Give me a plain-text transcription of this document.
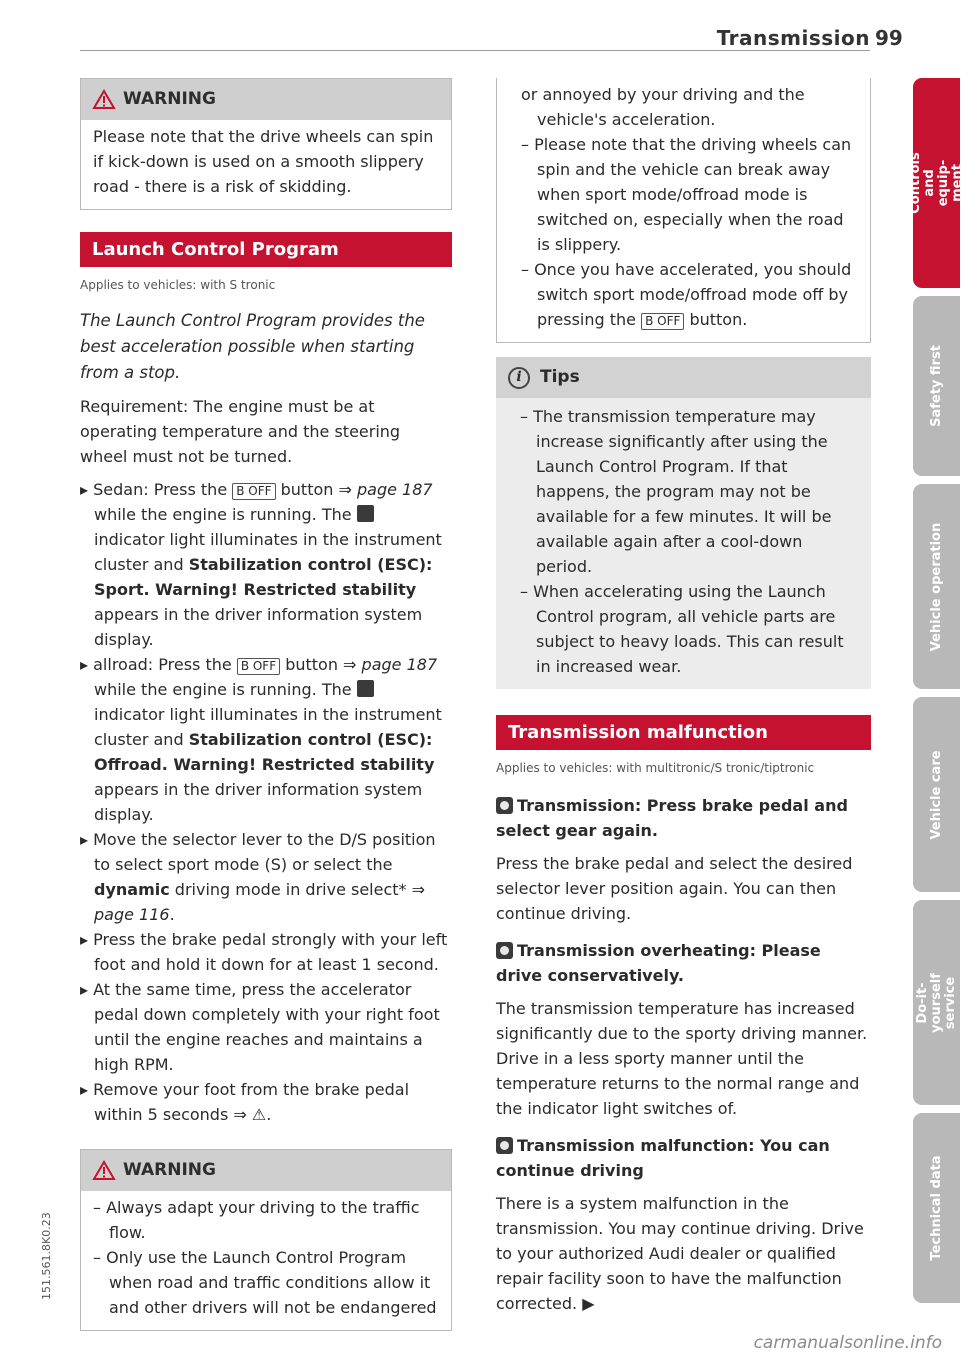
Transmission 99
WARNING
Please note that the drive wheels can spin if kick-down is used on a smooth slippery road - there is a risk of skidding.
Launch Control Program
Applies to vehicles: with S tronic
The Launch Control Program provides the best acceleration possible when starting from a stop.

Requirement: The engine must be at operating temperature and the steering wheel must not be turned.

▸ Sedan: Press the Β OFF button ⇒ page 187 while the engine is running. The  indicator light illuminates in the instrument cluster and Stabilization control (ESC): Sport. Warning! Restricted stability appears in the driver information system display.
▸ allroad: Press the Β OFF button ⇒ page 187 while the engine is running. The  indicator light illuminates in the instrument cluster and Stabilization control (ESC): Offroad. Warning! Restricted stability appears in the driver information system display.
▸ Move the selector lever to the D/S position to select sport mode (S) or select the dynamic driving mode in drive select* ⇒ page 116.
▸ Press the brake pedal strongly with your left foot and hold it down for at least 1 second.
▸ At the same time, press the accelerator pedal down completely with your right foot until the engine reaches and maintains a high RPM.
▸ Remove your foot from the brake pedal within 5 seconds ⇒ ⚠.
WARNING

– Always adapt your driving to the traffic flow.

– Only use the Launch Control Program when road and traffic conditions allow it and other drivers will not be endangered

or annoyed by your driving and the vehicle's acceleration.

– Please note that the driving wheels can spin and the vehicle can break away when sport mode/offroad mode is switched on, especially when the road is slippery.

– Once you have accelerated, you should switch sport mode/offroad mode off by pressing the Β OFF button.

i	Tips

– The transmission temperature may increase significantly after using the Launch Control Program. If that happens, the program may not be available for a few minutes. It will be available again after a cool-down period.

– When accelerating using the Launch Control program, all vehicle parts are subject to heavy loads. This can result in increased wear.

Transmission malfunction
Applies to vehicles: with multitronic/S tronic/tiptronic
Transmission: Press brake pedal and select gear again.

Press the brake pedal and select the desired selector lever position again. You can then continue driving.

Transmission overheating: Please drive conservatively.

The transmission temperature has increased significantly due to the sporty driving manner. Drive in a less sporty manner until the temperature returns to the normal range and the indicator light switches of.

Transmission malfunction: You can continue driving

There is a system malfunction in the transmission. You may continue driving. Drive to your authorized Audi dealer or qualified repair facility soon to have the malfunction corrected. ▶

Controls and equip-
ment
Safety first
Vehicle operation
Vehicle care
Do-it-yourself
service
Technical data
151.561.8K0.23
carmanualsonline.info
